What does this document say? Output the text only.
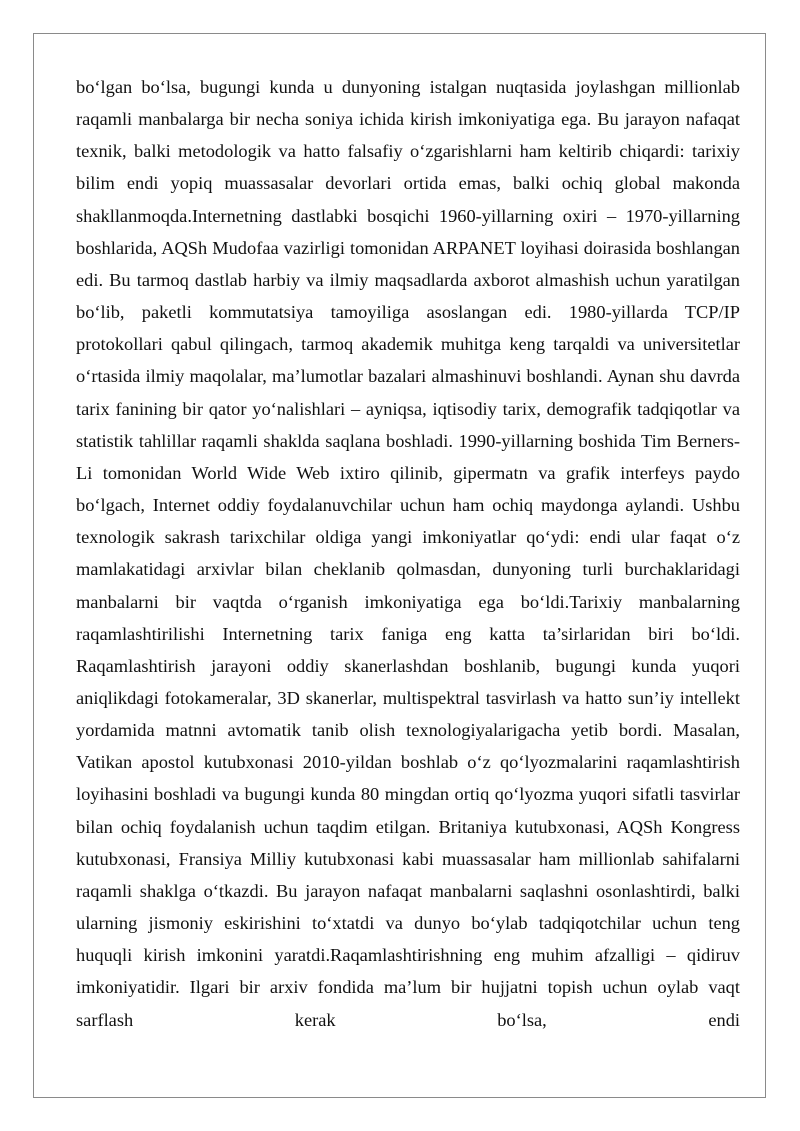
bo‘lgan bo‘lsa, bugungi kunda u dunyoning istalgan nuqtasida joylashgan millionlab raqamli manbalarga bir necha soniya ichida kirish imkoniyatiga ega. Bu jarayon nafaqat texnik, balki metodologik va hatto falsafiy o‘zgarishlarni ham keltirib chiqardi: tarixiy bilim endi yopiq muassasalar devorlari ortida emas, balki ochiq global makonda shakllanmoqda.Internetning dastlabki bosqichi 1960-yillarning oxiri – 1970-yillarning boshlarida, AQSh Mudofaa vazirligi tomonidan ARPANET loyihasi doirasida boshlangan edi. Bu tarmoq dastlab harbiy va ilmiy maqsadlarda axborot almashish uchun yaratilgan bo‘lib, paketli kommutatsiya tamoyiliga asoslangan edi. 1980-yillarda TCP/IP protokollari qabul qilingach, tarmoq akademik muhitga keng tarqaldi va universitetlar o‘rtasida ilmiy maqolalar, ma’lumotlar bazalari almashinuvi boshlandi. Aynan shu davrda tarix fanining bir qator yo‘nalishlari – ayniqsa, iqtisodiy tarix, demografik tadqiqotlar va statistik tahlillar raqamli shaklda saqlana boshladi. 1990-yillarning boshida Tim Berners-Li tomonidan World Wide Web ixtiro qilinib, gipermatn va grafik interfeys paydo bo‘lgach, Internet oddiy foydalanuvchilar uchun ham ochiq maydonga aylandi. Ushbu texnologik sakrash tarixchilar oldiga yangi imkoniyatlar qo‘ydi: endi ular faqat o‘z mamlakatidagi arxivlar bilan cheklanib qolmasdan, dunyoning turli burchaklaridagi manbalarni bir vaqtda o‘rganish imkoniyatiga ega bo‘ldi.Tarixiy manbalarning raqamlashtirilishi Internetning tarix faniga eng katta ta’sirlaridan biri bo‘ldi. Raqamlashtirish jarayoni oddiy skanerlashdan boshlanib, bugungi kunda yuqori aniqlikdagi fotokameralar, 3D skanerlar, multispektral tasvirlash va hatto sun’iy intellekt yordamida matnni avtomatik tanib olish texnologiyalarigacha yetib bordi. Masalan, Vatikan apostol kutubxonasi 2010-yildan boshlab o‘z qo‘lyozmalarini raqamlashtirish loyihasini boshladi va bugungi kunda 80 mingdan ortiq qo‘lyozma yuqori sifatli tasvirlar bilan ochiq foydalanish uchun taqdim etilgan. Britaniya kutubxonasi, AQSh Kongress kutubxonasi, Fransiya Milliy kutubxonasi kabi muassasalar ham millionlab sahifalarni raqamli shaklga o‘tkazdi. Bu jarayon nafaqat manbalarni saqlashni osonlashtirdi, balki ularning jismoniy eskirishini to‘xtatdi va dunyo bo‘ylab tadqiqotchilar uchun teng huquqli kirish imkonini yaratdi.Raqamlashtirishning eng muhim afzalligi – qidiruv imkoniyatidir. Ilgari bir arxiv fondida ma’lum bir hujjatni topish uchun oylab vaqt sarflash kerak bo‘lsa, endi
